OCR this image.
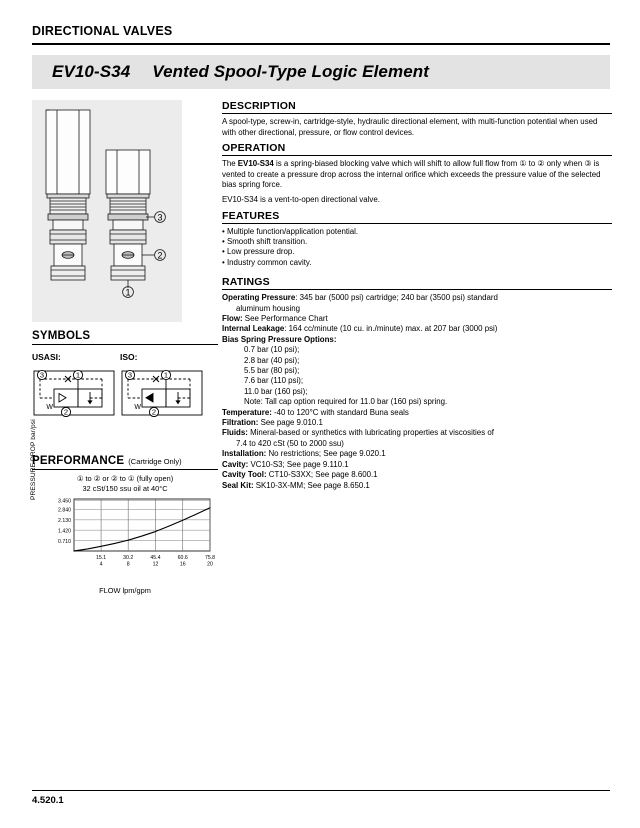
DIRECTIONAL VALVES
EV10-S34	Vented Spool-Type Logic Element
3
2
1
SYMBOLS
USASI:
3	1
2
W
ISO:
3	1
2
W
PERFORMANCE (Cartridge Only)
① to ② or ② to ① (fully open)
32 cSt/150 ssu oil at 40°C
PRESSURE DROP bar/psi
0.710
1.420
2.130
2.840
3.450
15.1
4
30.2
8
45.4
12
60.6
16
75.8
20
FLOW lpm/gpm
DESCRIPTION

A spool-type, screw-in, cartridge-style, hydraulic directional element, with multi-function potential when used with other directional, pressure, or flow control devices.

OPERATION

The EV10-S34 is a spring-biased blocking valve which will shift to allow full flow from ① to ② only when ③ is vented to create a pressure drop across the internal orifice which exceeds the pressure value of the selected bias spring force.

EV10-S34 is a vent-to-open directional valve.

FEATURES
• Multiple function/application potential.
• Smooth shift transition.
• Low pressure drop.
• Industry common cavity.
RATINGS
Operating Pressure: 345 bar (5000 psi) cartridge; 240 bar (3500 psi) standard
aluminum housing
Flow: See Performance Chart
Internal Leakage: 164 cc/minute (10 cu. in./minute) max. at 207 bar (3000 psi)
Bias Spring Pressure Options:
0.7 bar (10 psi);
2.8 bar (40 psi);
5.5 bar (80 psi);
7.6 bar (110 psi);
11.0 bar (160 psi);
Note: Tall cap option required for 11.0 bar (160 psi) spring.
Temperature: -40 to 120°C with standard Buna seals
Filtration: See page 9.010.1
Fluids: Mineral-based or synthetics with lubricating properties at viscosities of
7.4 to 420 cSt (50 to 2000 ssu)
Installation: No restrictions; See page 9.020.1
Cavity: VC10-S3; See page 9.110.1
Cavity Tool: CT10-S3XX; See page 8.600.1
Seal Kit: SK10-3X-MM; See page 8.650.1
4.520.1
